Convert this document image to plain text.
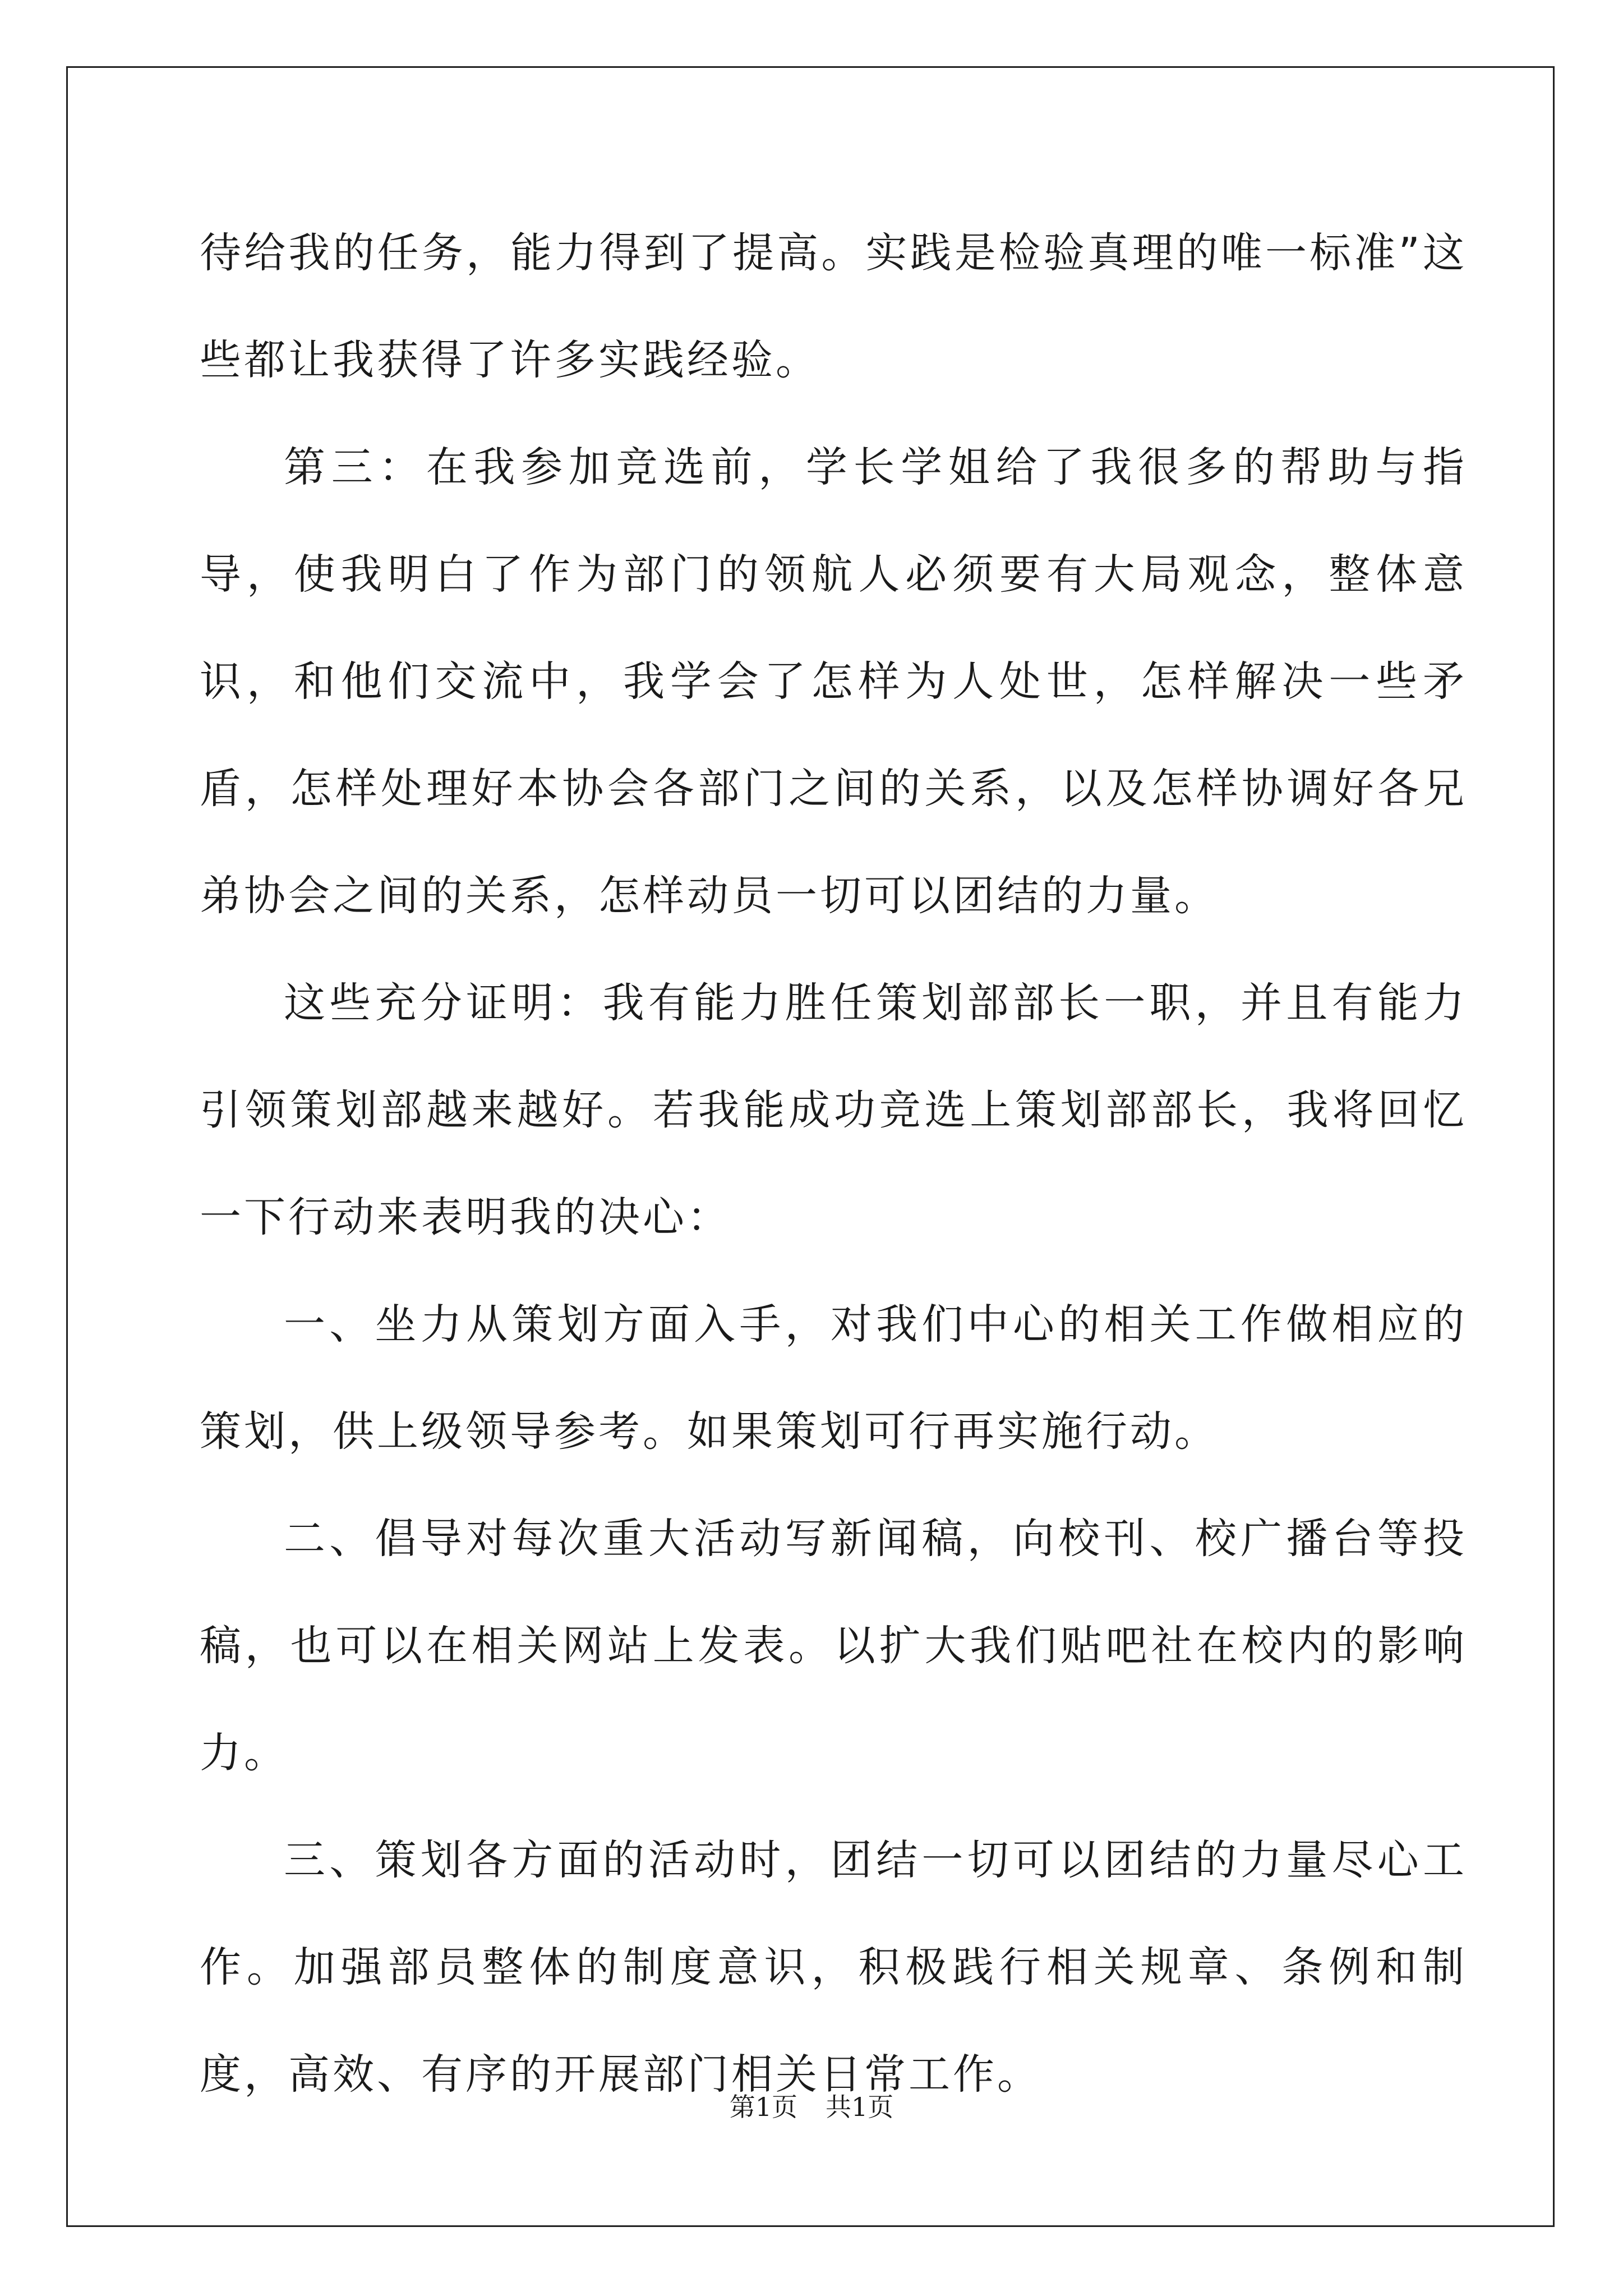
待给我的任务，能力得到了提高。实践是检验真理的唯一标准”这些都让我获得了许多实践经验。

第三：在我参加竞选前，学长学姐给了我很多的帮助与指导，使我明白了作为部门的领航人必须要有大局观念，整体意识，和他们交流中，我学会了怎样为人处世，怎样解决一些矛盾，怎样处理好本协会各部门之间的关系，以及怎样协调好各兄弟协会之间的关系，怎样动员一切可以团结的力量。

这些充分证明：我有能力胜任策划部部长一职，并且有能力引领策划部越来越好。若我能成功竞选上策划部部长，我将回忆一下行动来表明我的决心：

一、坐力从策划方面入手，对我们中心的相关工作做相应的策划，供上级领导参考。如果策划可行再实施行动。

二、倡导对每次重大活动写新闻稿，向校刊、校广播台等投稿，也可以在相关网站上发表。以扩大我们贴吧社在校内的影响力。

三、策划各方面的活动时，团结一切可以团结的力量尽心工作。加强部员整体的制度意识，积极践行相关规章、条例和制度，高效、有序的开展部门相关日常工作。

第1页 共1页
